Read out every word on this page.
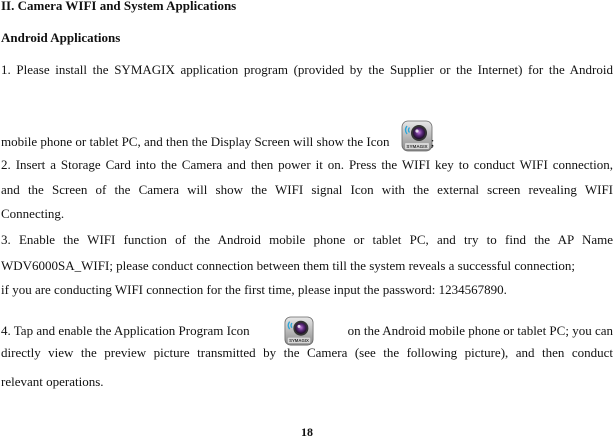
II. Camera WIFI and System Applications
Android Applications
1. Please install the SYMAGIX application program (provided by the Supplier or the Internet) for the Android
mobile phone or tablet PC, and then the Display Screen will show the Icon	SYMAGIX ;
2. Insert a Storage Card into the Camera and then power it on. Press the WIFI key to conduct WIFI connection,
and the Screen of the Camera will show the WIFI signal Icon with the external screen revealing WIFI
Connecting.
3. Enable the WIFI function of the Android mobile phone or tablet PC, and try to find the AP Name
WDV6000SA_WIFI; please conduct connection between them till the system reveals a successful connection;
if you are conducting WIFI connection for the first time, please input the password: 1234567890.
4. Tap and enable the Application Program Icon
SYMAGIX
on the Android mobile phone or tablet PC; you can
directly view the preview picture transmitted by the Camera (see the following picture), and then conduct
relevant operations.
18
